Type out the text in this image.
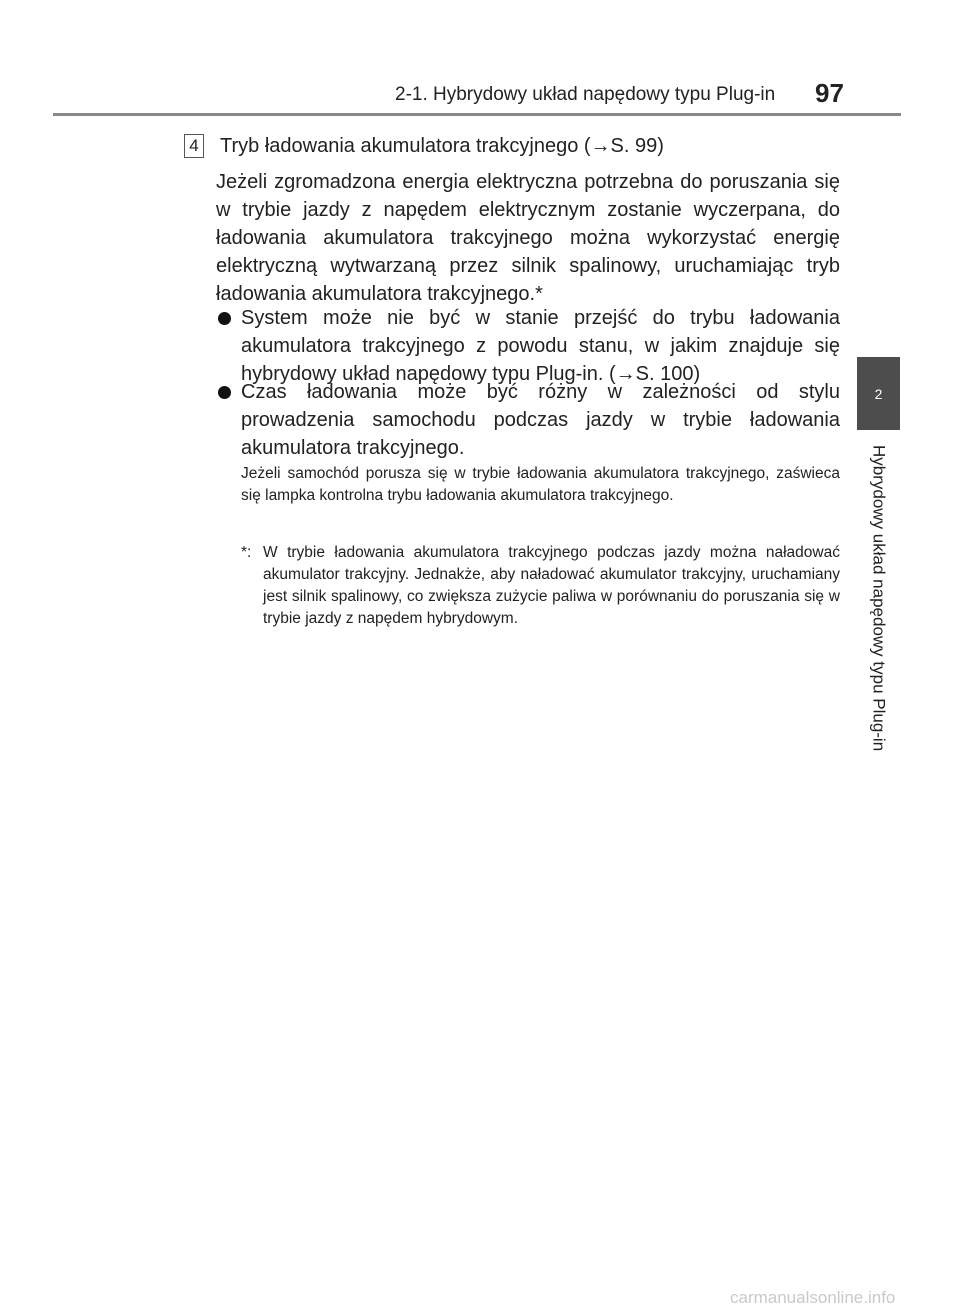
2-1. Hybrydowy układ napędowy typu Plug-in 97
2
Hybrydowy układ napędowy typu Plug-in
4 Tryb ładowania akumulatora trakcyjnego (→S. 99)

Jeżeli zgromadzona energia elektryczna potrzebna do poruszania się w trybie jazdy z napędem elektrycznym zostanie wyczerpana, do ładowania akumulatora trakcyjnego można wykorzystać energię elektryczną wytwarzaną przez silnik spalinowy, uruchamiając tryb ładowania akumulatora trakcyjnego.*

System może nie być w stanie przejść do trybu ładowania akumulatora trakcyjnego z powodu stanu, w jakim znajduje się hybrydowy układ napędowy typu Plug-in. (→S. 100)
Czas ładowania może być różny w zależności od stylu prowadzenia samochodu podczas jazdy w trybie ładowania akumulatora trakcyjnego.

Jeżeli samochód porusza się w trybie ładowania akumulatora trakcyjnego, zaświeca się lampka kontrolna trybu ładowania akumulatora trakcyjnego.

*: W trybie ładowania akumulatora trakcyjnego podczas jazdy można naładować akumulator trakcyjny. Jednakże, aby naładować akumulator trakcyjny, uruchamiany jest silnik spalinowy, co zwiększa zużycie paliwa w porównaniu do poruszania się w trybie jazdy z napędem hybrydowym.
carmanualsonline.info
